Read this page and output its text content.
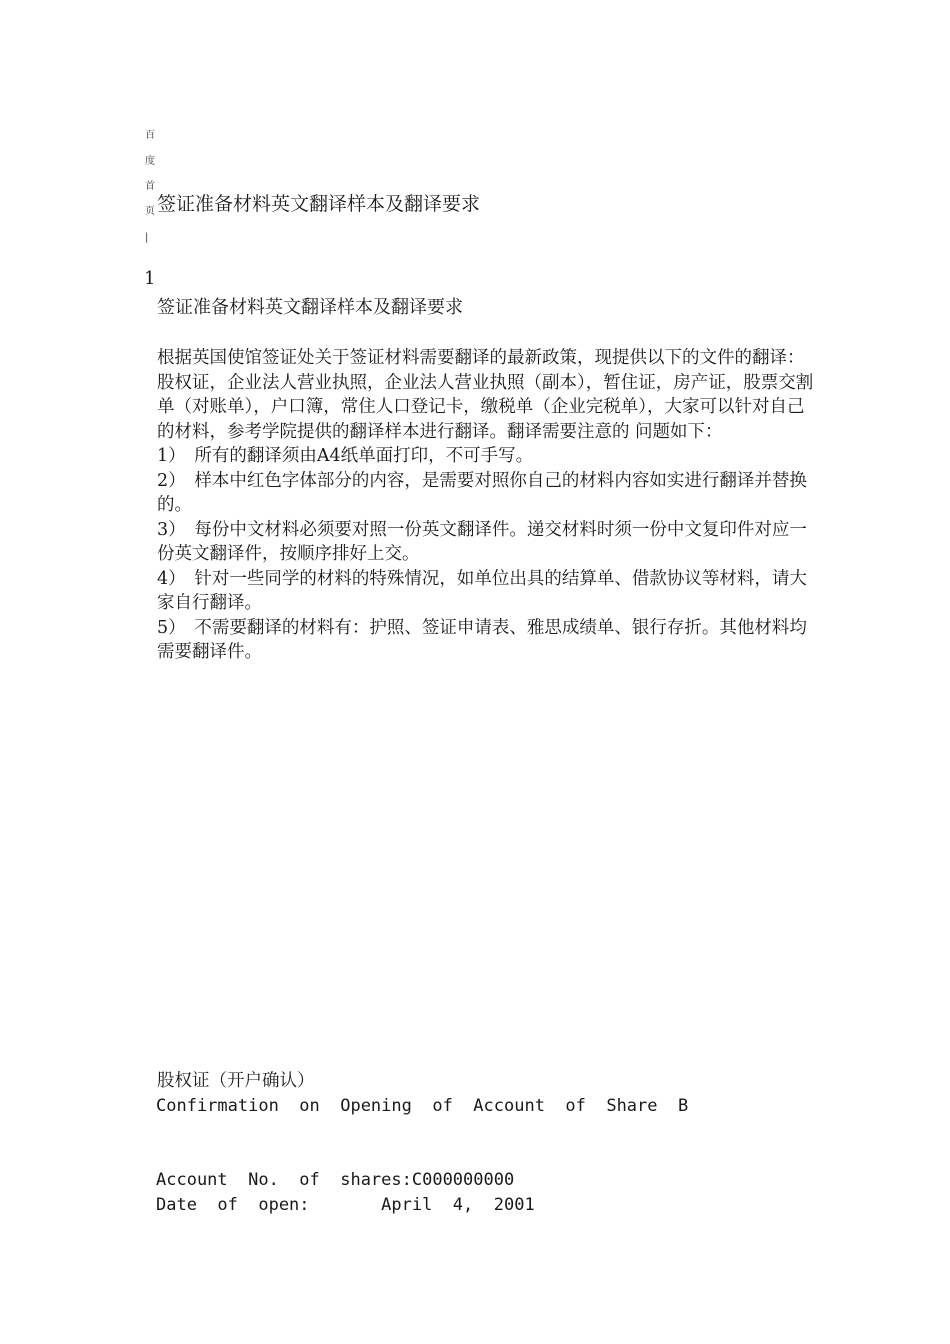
百
度
首
页
|
签证准备材料英文翻译样本及翻译要求
1
签证准备材料英文翻译样本及翻译要求

根据英国使馆签证处关于签证材料需要翻译的最新政策，现提供以下的文件的翻译：股权证，企业法人营业执照，企业法人营业执照（副本），暂住证，房产证，股票交割单（对账单），户口簿，常住人口登记卡，缴税单（企业完税单），大家可以针对自己的材料，参考学院提供的翻译样本进行翻译。翻译需要注意的 问题如下：

1）　所有的翻译须由A4纸单面打印，不可手写。

2）　样本中红色字体部分的内容，是需要对照你自己的材料内容如实进行翻译并替换的。

3）　每份中文材料必须要对照一份英文翻译件。递交材料时须一份中文复印件对应一份英文翻译件，按顺序排好上交。

4）　针对一些同学的材料的特殊情况，如单位出具的结算单、借款协议等材料，请大家自行翻译。

5）　不需要翻译的材料有：护照、签证申请表、雅思成绩单、银行存折。其他材料均需要翻译件。

股权证（开户确认）
Confirmation  on  Opening  of  Account  of  Share  B
Account  No.  of  shares:C000000000
Date  of  open:       April  4,  2001
